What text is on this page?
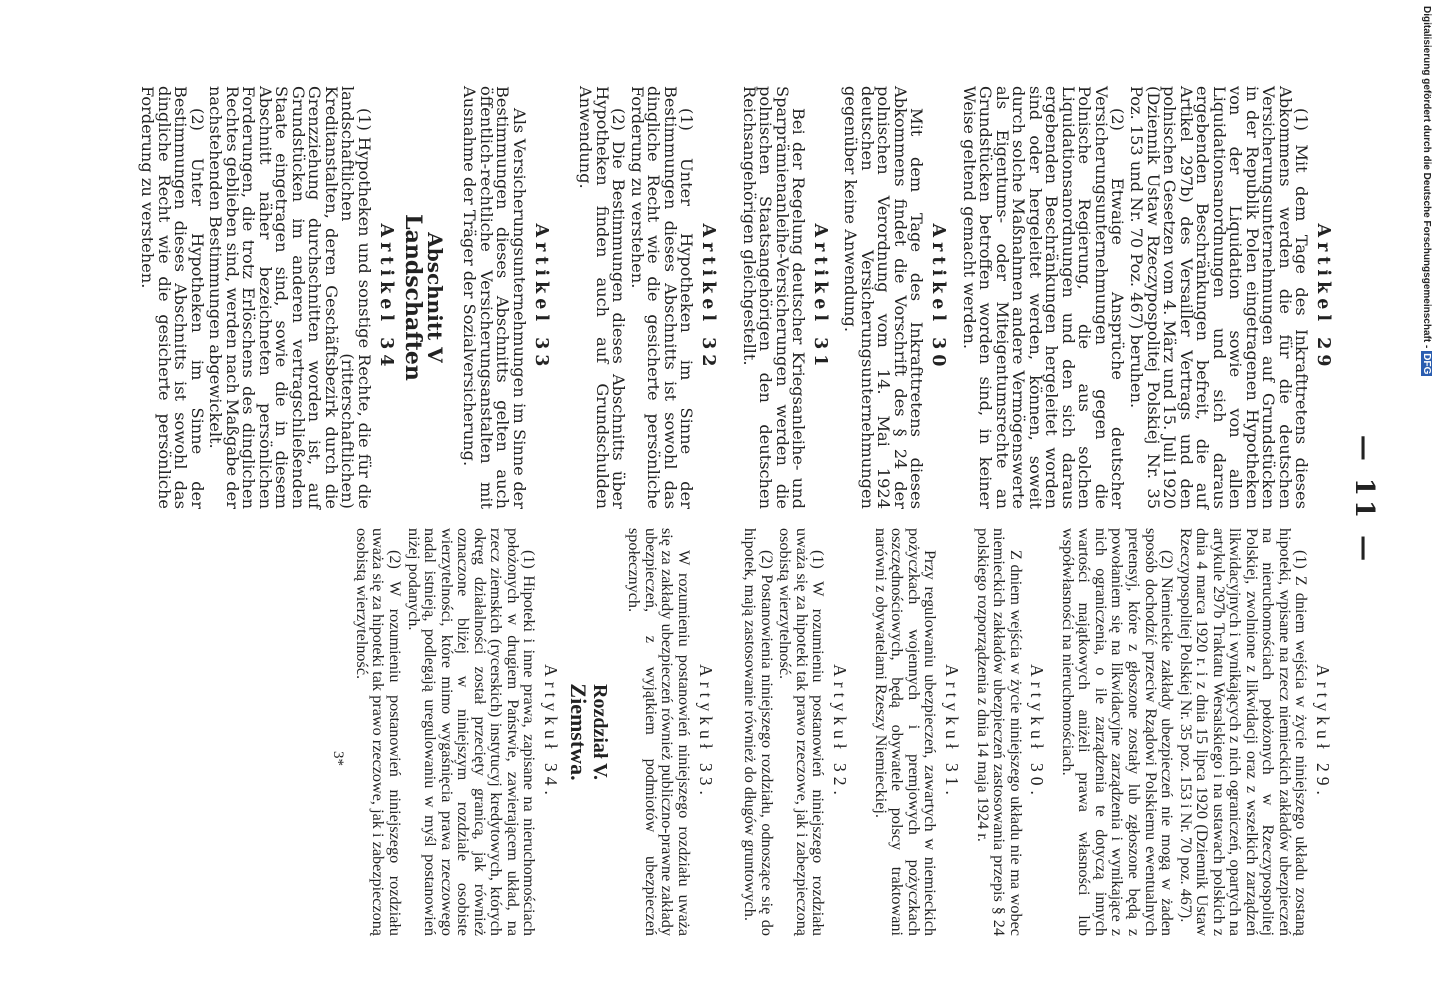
— 11 —
Artikel 29

(1) Mit dem Tage des Inkrafttretens dieses Abkommens werden die für die deutschen Versicherungsunternehmungen auf Grundstücken in der Republik Polen eingetragenen Hypotheken von der Liquidation sowie von allen Liquidationsanordnungen und sich daraus ergebenden Beschränkungen befreit, die auf Artikel 297b) des Versailler Vertrags und den polnischen Gesetzen vom 4. März und 15. Juli 1920 (Dziennik Ustaw Rzeczypospolitej Polskiej Nr. 35 Poz. 153 und Nr. 70 Poz. 467) beruhen.

(2) Etwaige Ansprüche deutscher Versicherungsunternehmungen gegen die Polnische Regierung, die aus solchen Liquidationsanordnungen und den sich daraus ergebenden Beschränkungen hergeleitet worden sind oder hergeleitet werden, können, soweit durch solche Maßnahmen andere Vermögenswerte als Eigentums- oder Miteigentumsrechte an Grundstücken betroffen worden sind, in keiner Weise geltend gemacht werden.

Artikel 30

Mit dem Tage des Inkrafttretens dieses Abkommens findet die Vorschrift des § 24 der polnischen Verordnung vom 14. Mai 1924 deutschen Versicherungsunternehmungen gegenüber keine Anwendung.

Artikel 31

Bei der Regelung deutscher Kriegsanleihe- und Sparprämienanleihe-Versicherungen werden die polnischen Staatsangehörigen den deutschen Reichsangehörigen gleichgestellt.

Artikel 32

(1) Unter Hypotheken im Sinne der Bestimmungen dieses Abschnitts ist sowohl das dingliche Recht wie die gesicherte persönliche Forderung zu verstehen.

(2) Die Bestimmungen dieses Abschnitts über Hypotheken finden auch auf Grundschulden Anwendung.

Artikel 33

Als Versicherungsunternehmungen im Sinne der Bestimmungen dieses Abschnitts gelten auch öffentlich-rechtliche Versicherungsanstalten mit Ausnahme der Träger der Sozialversicherung.

Abschnitt V
Landschaften
Artikel 34

(1) Hypotheken und sonstige Rechte, die für die landschaftlichen (ritterschaftlichen) Kreditanstalten, deren Geschäftsbezirk durch die Grenzziehung durchschnitten worden ist, auf Grundstücken im anderen vertragschließenden Staate eingetragen sind, sowie die in diesem Abschnitt näher bezeichneten persönlichen Forderungen, die trotz Erlöschens des dinglichen Rechtes geblieben sind, werden nach Maßgabe der nachstehenden Bestimmungen abgewickelt.

(2) Unter Hypotheken im Sinne der Bestimmungen dieses Abschnitts ist sowohl das dingliche Recht wie die gesicherte persönliche Forderung zu verstehen.

Artykuł 29.

(1) Z dniem wejścia w życie niniejszego układu zostaną hipoteki, wpisane na rzecz niemieckich zakładów ubezpieczeń na nieruchomościach położonych w Rzeczypospolitej Polskiej, zwolnione z likwidacji oraz z wszelkich zarządzeń likwidacyjnych i wynikających z nich ograniczeń, opartych na artykule 297b Traktatu Wersalskiego i na ustawach polskich z dnia 4 marca 1920 r. i z dnia 15 lipca 1920 (Dziennik Ustaw Rzeczypospolitej Polskiej Nr. 35 poz. 153 i Nr. 70 poz. 467).

(2) Niemieckie zakłady ubezpieczeń nie mogą w żaden sposób dochodzić przeciw Rządowi Polskiemu ewentualnych pretensyj, które z głoszone zostały lub zgłoszone będą z powołaniem się na likwidacyjne zarządzenia i wynikające z nich ograniczenia, o ile zarządzenia te dotyczą innych wartości majątkowych aniżeli prawa własności lub współwłasności na nieruchomościach.

Artykuł 30.

Z dniem wejścia w życie niniejszego układu nie ma wobec niemieckich zakładów ubezpieczeń zastosowania przepis § 24 polskiego rozporządzenia z dnia 14 maja 1924 r.

Artykuł 31.

Przy regulowaniu ubezpieczeń, zawartych w niemieckich pożyczkach wojennych i premjowych pożyczkach oszczędnościowych, będą obywatele polscy traktowani narówni z obywatelami Rzeszy Niemieckiej.

Artykuł 32.

(1) W rozumieniu postanowień niniejszego rozdziału uważa się za hipoteki tak prawo rzeczowe, jak i zabezpieczoną osobistą wierzytelność.

(2) Postanowienia niniejszego rozdziału, odnoszące się do hipotek, mają zastosowanie również do długów gruntowych.

Artykuł 33.

W rozumieniu postanowień niniejszego rozdziału uważa się za zakłady ubezpieczeń również publiczno-prawne zakłady ubezpieczeń, z wyjątkiem podmiotów ubezpieczeń społecznych.

Rozdział V.
Ziemstwa.
Artykuł 34.

(1) Hipoteki i inne prawa, zapisane na nieruchomościach położonych w drugiem Państwie, zawierającem układ, na rzecz ziemskich (rycerskich) instytucyj kredytowych, których okręg działalności został przecięty granicą, jak również oznaczone bliżej w niniejszym rozdziale osobiste wierzytelności, które mimo wygaśnięcia prawa rzeczowego nadal istnieją, podlegają uregulowaniu w myśl postanowień niżej podanych.

(2) W rozumieniu postanowień niniejszego rozdziału uważa się za hipoteki tak prawo rzeczowe, jak i zabezpieczoną osobistą wierzytelność.

3*
Digitalisierung gefördert durch die Deutsche Forschungsgemeinschaft -DFG
